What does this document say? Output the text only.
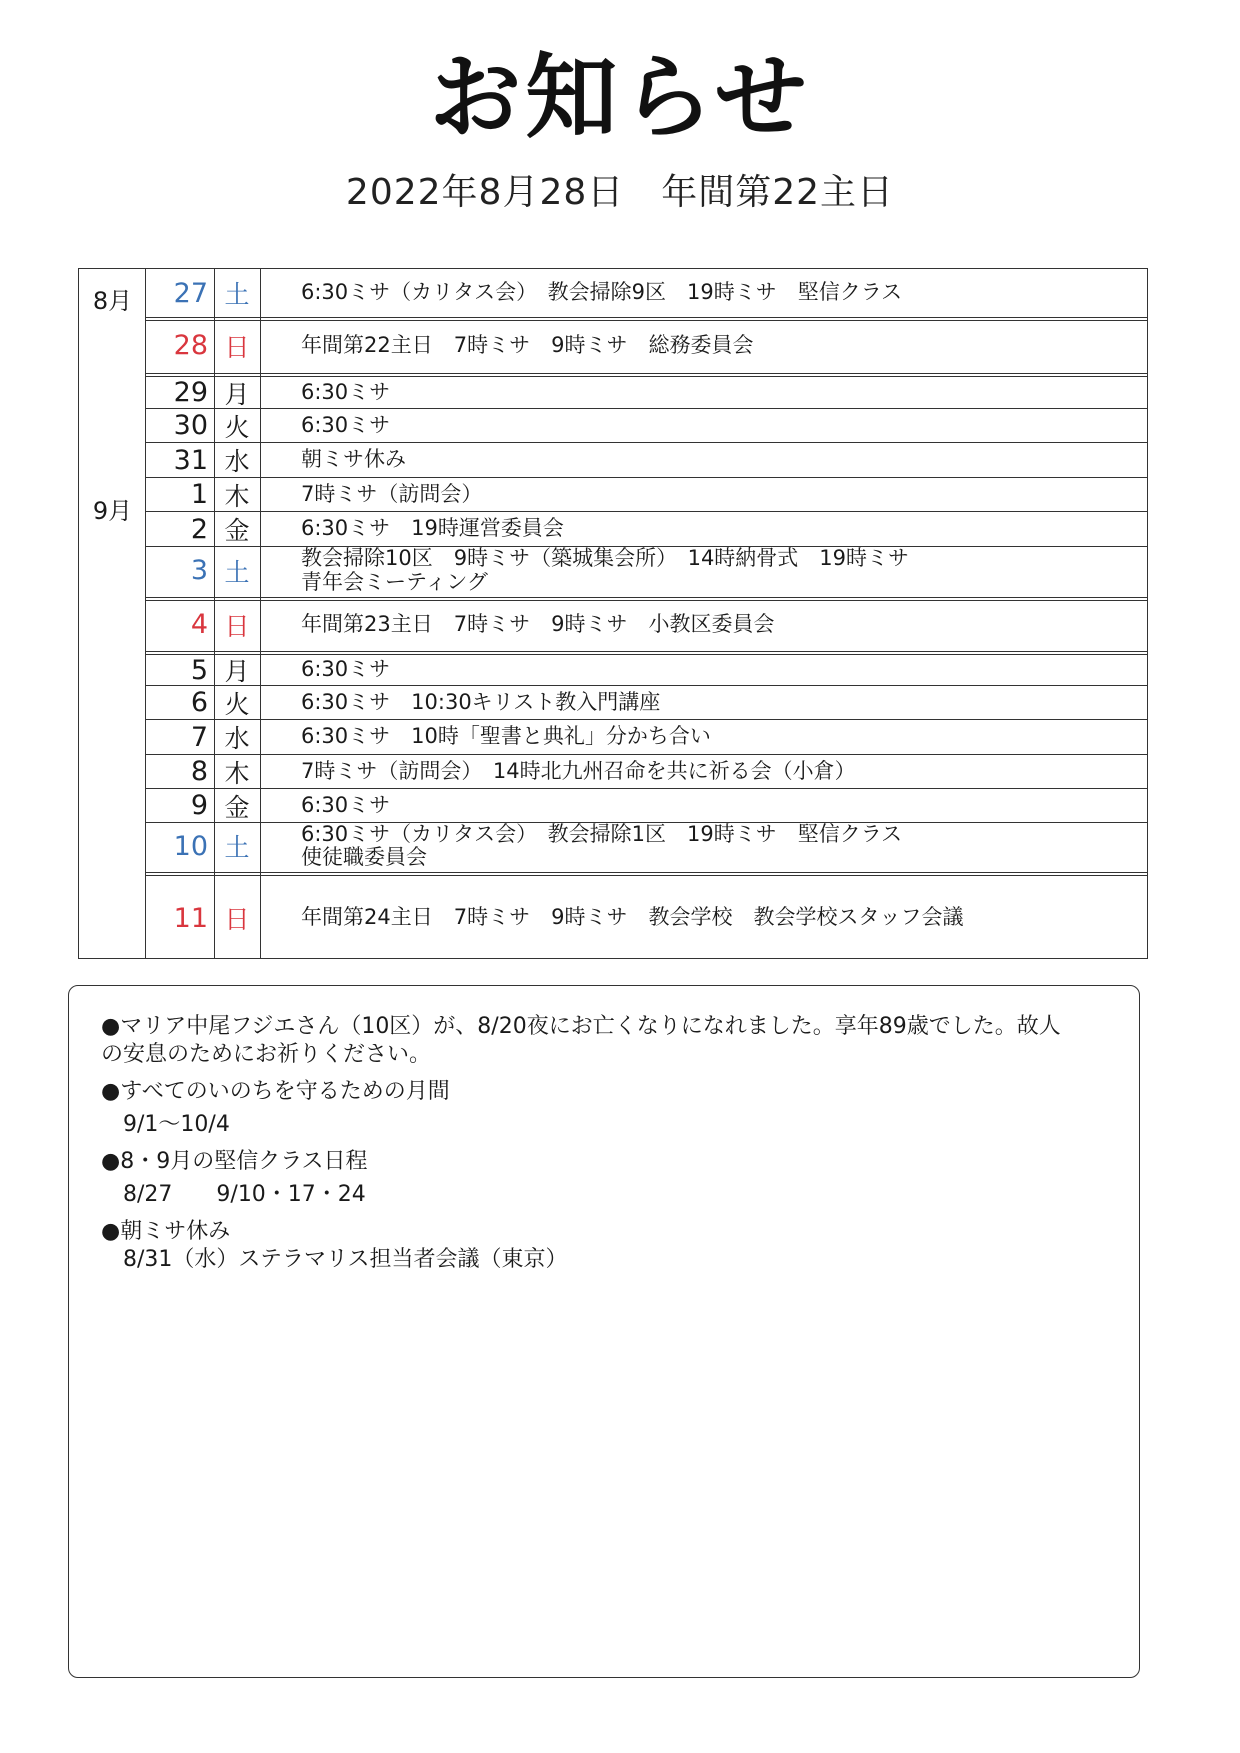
お知らせ
2022年8月28日　年間第22主日
8月
9月
27 土	6:30ミサ（カリタス会）　教会掃除9区　19時ミサ　堅信クラス
28 日	年間第22主日　7時ミサ　9時ミサ　総務委員会
29 月	6:30ミサ
30 火	6:30ミサ
31 水	朝ミサ休み
1 木	7時ミサ（訪問会）
2 金	6:30ミサ　19時運営委員会
3 土	教会掃除10区　9時ミサ（築城集会所）　14時納骨式　19時ミサ
青年会ミーティング
4 日	年間第23主日　7時ミサ　9時ミサ　小教区委員会
5 月	6:30ミサ
6 火	6:30ミサ　10:30キリスト教入門講座
7 水	6:30ミサ　10時「聖書と典礼」分かち合い
8 木	7時ミサ（訪問会）　14時北九州召命を共に祈る会（小倉）
9 金	6:30ミサ
10 土	6:30ミサ（カリタス会）　教会掃除1区　19時ミサ　堅信クラス
使徒職委員会
11 日	年間第24主日　7時ミサ　9時ミサ　教会学校　教会学校スタッフ会議
●マリア中尾フジエさん（10区）が、8/20夜にお亡くなりになれました。享年89歳でした。故人
の安息のためにお祈りください。
●すべてのいのちを守るための月間
9/1～10/4
●8・9月の堅信クラス日程
8/27　　9/10・17・24
●朝ミサ休み
8/31（水）ステラマリス担当者会議（東京）
